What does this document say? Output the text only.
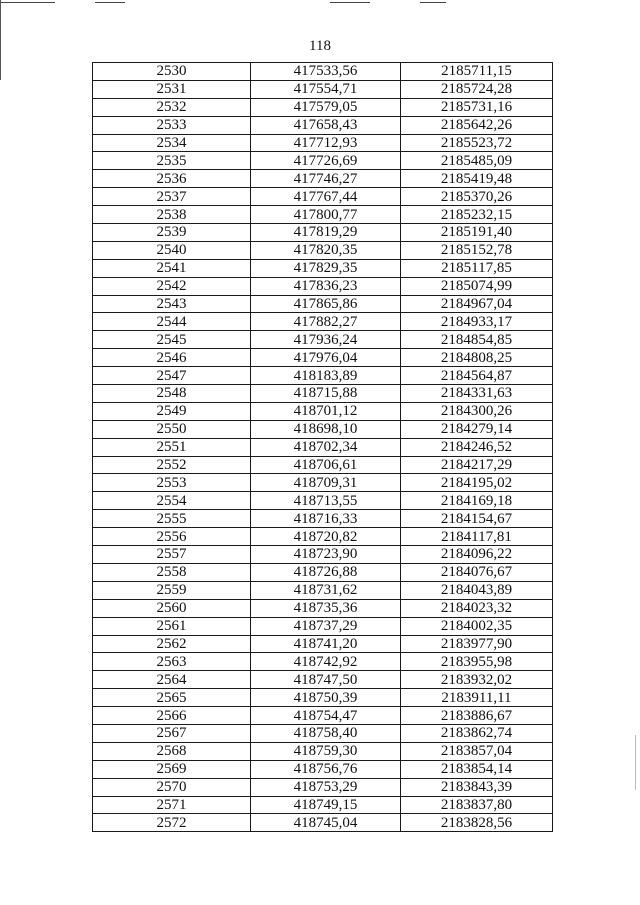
118
2530	417533,56	2185711,15
2531	417554,71	2185724,28
2532	417579,05	2185731,16
2533	417658,43	2185642,26
2534	417712,93	2185523,72
2535	417726,69	2185485,09
2536	417746,27	2185419,48
2537	417767,44	2185370,26
2538	417800,77	2185232,15
2539	417819,29	2185191,40
2540	417820,35	2185152,78
2541	417829,35	2185117,85
2542	417836,23	2185074,99
2543	417865,86	2184967,04
2544	417882,27	2184933,17
2545	417936,24	2184854,85
2546	417976,04	2184808,25
2547	418183,89	2184564,87
2548	418715,88	2184331,63
2549	418701,12	2184300,26
2550	418698,10	2184279,14
2551	418702,34	2184246,52
2552	418706,61	2184217,29
2553	418709,31	2184195,02
2554	418713,55	2184169,18
2555	418716,33	2184154,67
2556	418720,82	2184117,81
2557	418723,90	2184096,22
2558	418726,88	2184076,67
2559	418731,62	2184043,89
2560	418735,36	2184023,32
2561	418737,29	2184002,35
2562	418741,20	2183977,90
2563	418742,92	2183955,98
2564	418747,50	2183932,02
2565	418750,39	2183911,11
2566	418754,47	2183886,67
2567	418758,40	2183862,74
2568	418759,30	2183857,04
2569	418756,76	2183854,14
2570	418753,29	2183843,39
2571	418749,15	2183837,80
2572	418745,04	2183828,56
